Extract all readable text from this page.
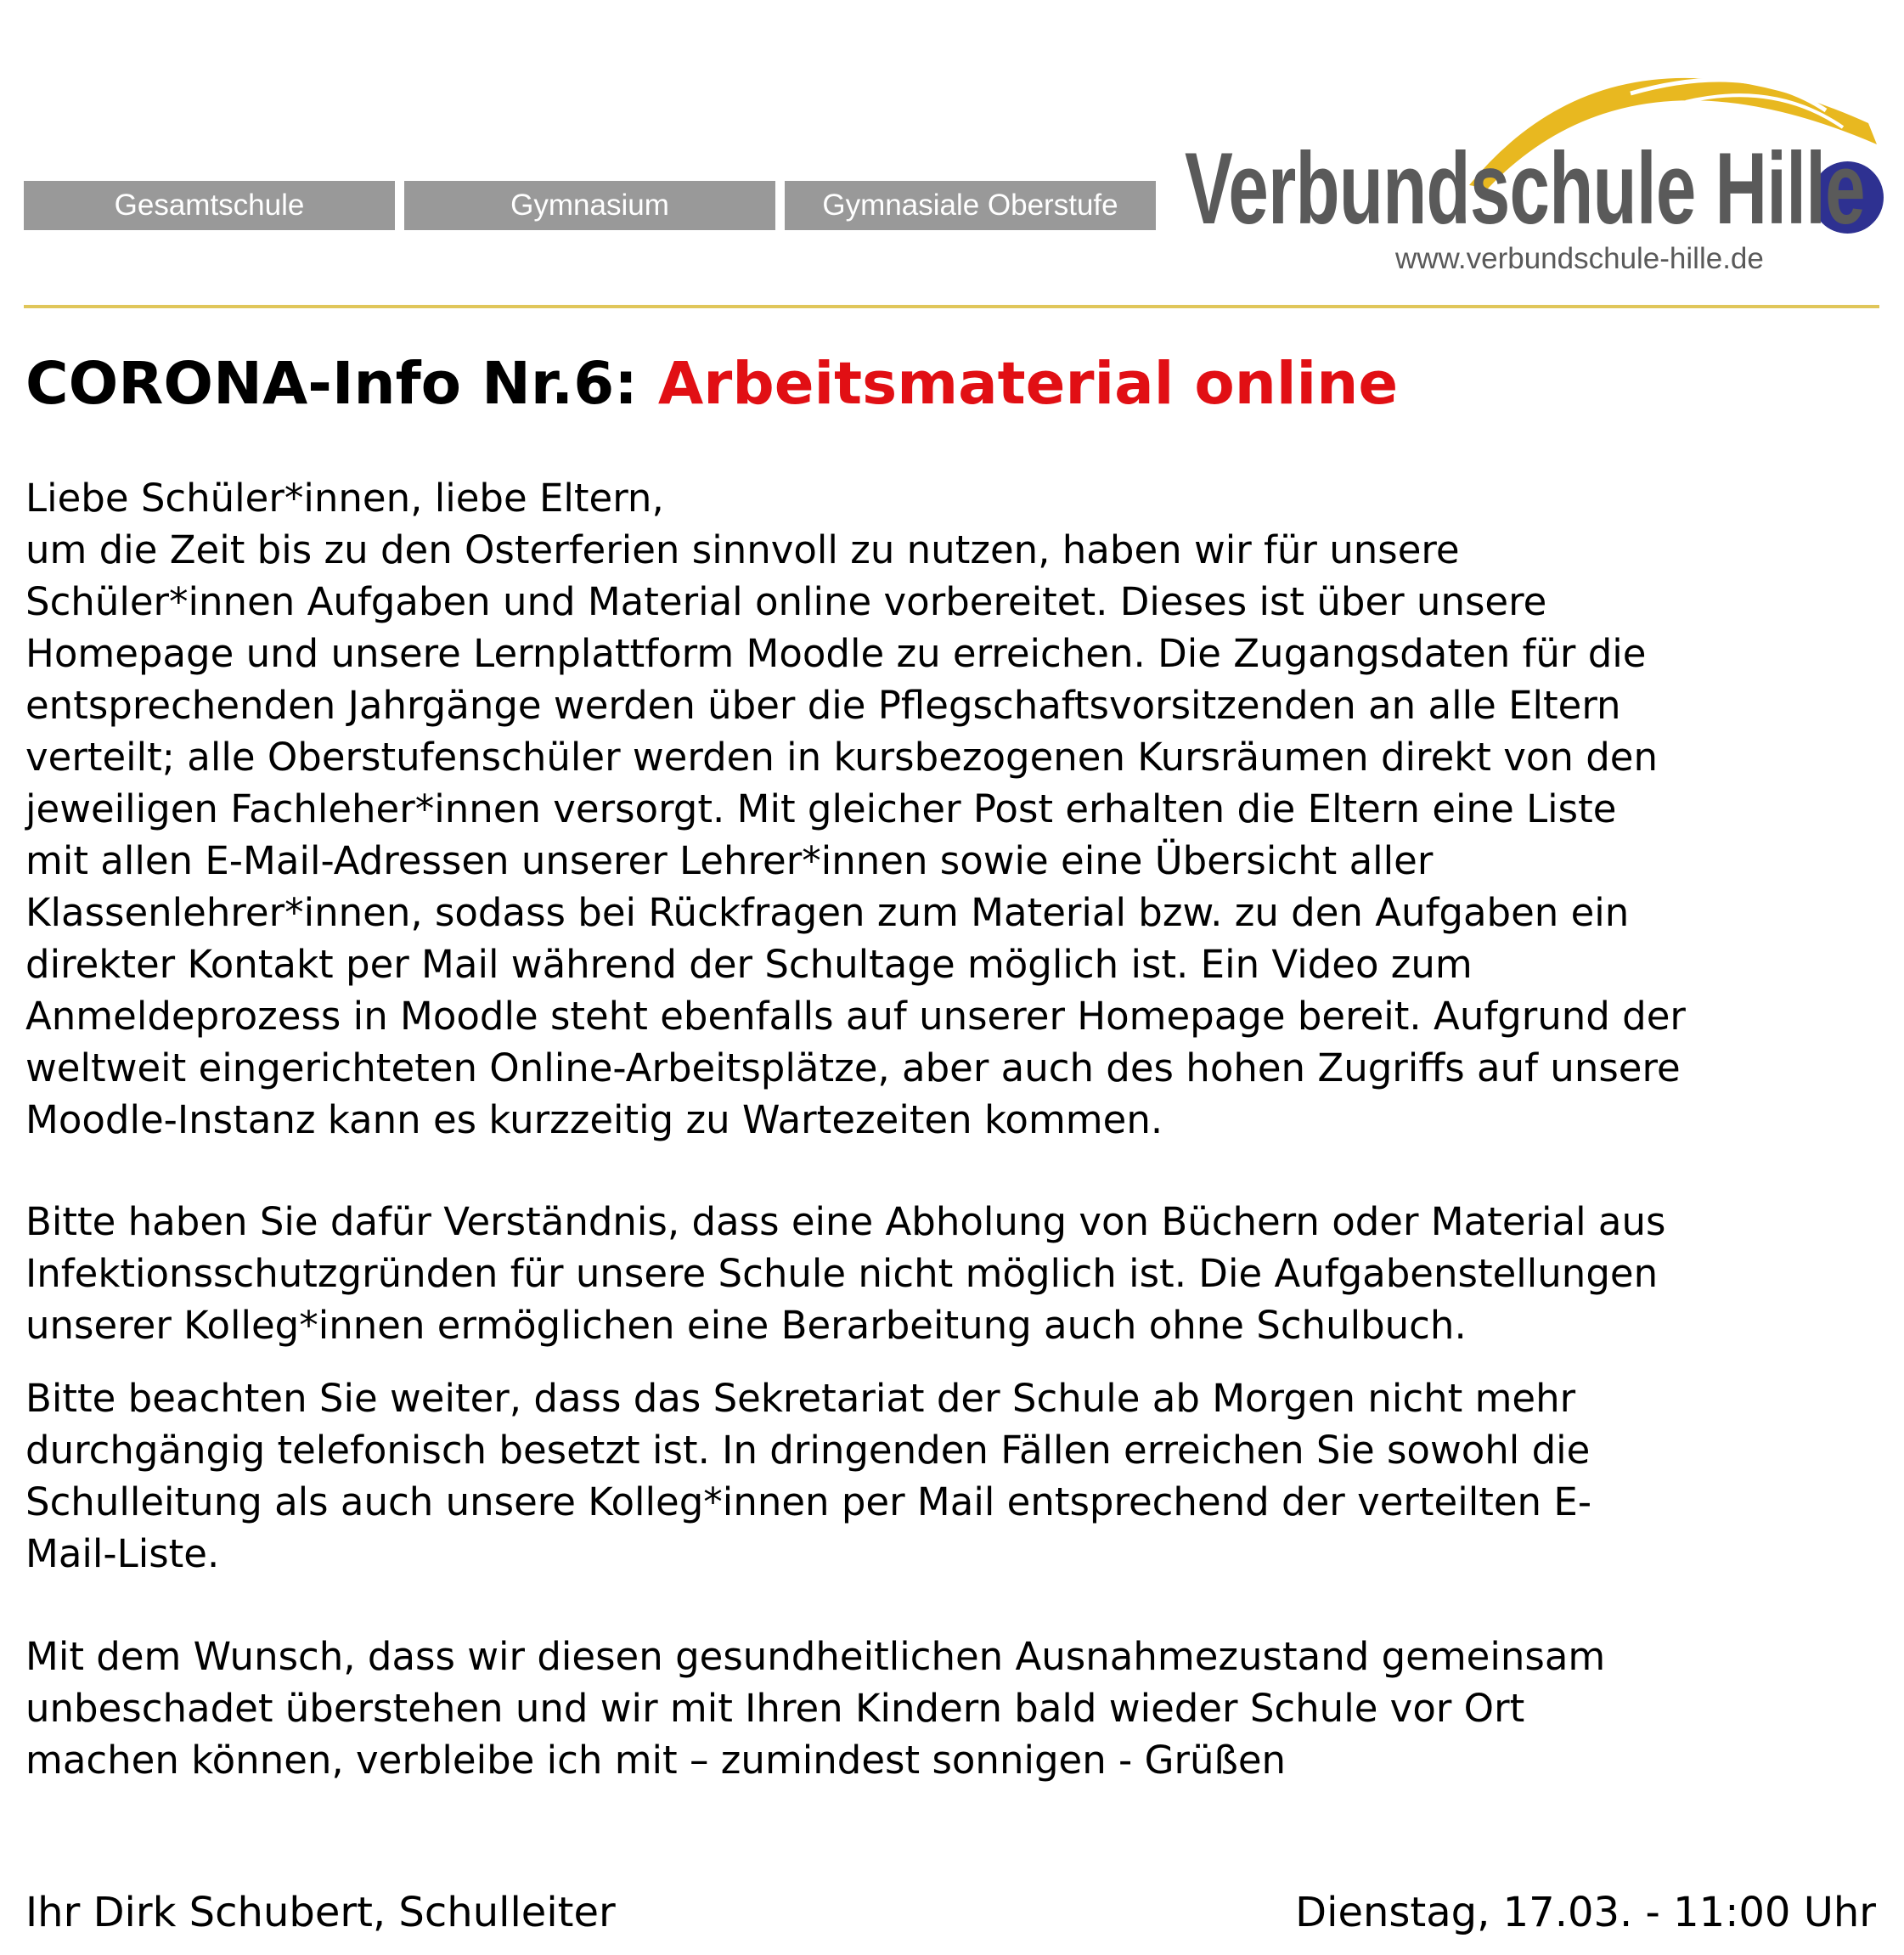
Gesamtschule	Gymnasium	Gymnasiale Oberstufe Verbundschule Hille
www.verbundschule-hille.de
CORONA-Info Nr.6: Arbeitsmaterial online
Liebe Schüler*innen, liebe Eltern,
um die Zeit bis zu den Osterferien sinnvoll zu nutzen, haben wir für unsere
Schüler*innen Aufgaben und Material online vorbereitet. Dieses ist über unsere
Homepage und unsere Lernplattform Moodle zu erreichen. Die Zugangsdaten für die
entsprechenden Jahrgänge werden über die Pflegschaftsvorsitzenden an alle Eltern
verteilt; alle Oberstufenschüler werden in kursbezogenen Kursräumen direkt von den
jeweiligen Fachleher*innen versorgt. Mit gleicher Post erhalten die Eltern eine Liste
mit allen E-Mail-Adressen unserer Lehrer*innen sowie eine Übersicht aller
Klassenlehrer*innen, sodass bei Rückfragen zum Material bzw. zu den Aufgaben ein
direkter Kontakt per Mail während der Schultage möglich ist. Ein Video zum
Anmeldeprozess in Moodle steht ebenfalls auf unserer Homepage bereit. Aufgrund der
weltweit eingerichteten Online-Arbeitsplätze, aber auch des hohen Zugriffs auf unsere
Moodle-Instanz kann es kurzzeitig zu Wartezeiten kommen.
Bitte haben Sie dafür Verständnis, dass eine Abholung von Büchern oder Material aus
Infektionsschutzgründen für unsere Schule nicht möglich ist. Die Aufgabenstellungen
unserer Kolleg*innen ermöglichen eine Berarbeitung auch ohne Schulbuch.
Bitte beachten Sie weiter, dass das Sekretariat der Schule ab Morgen nicht mehr
durchgängig telefonisch besetzt ist. In dringenden Fällen erreichen Sie sowohl die
Schulleitung als auch unsere Kolleg*innen per Mail entsprechend der verteilten E-
Mail-Liste.
Mit dem Wunsch, dass wir diesen gesundheitlichen Ausnahmezustand gemeinsam
unbeschadet überstehen und wir mit Ihren Kindern bald wieder Schule vor Ort
machen können, verbleibe ich mit – zumindest sonnigen - Grüßen
Ihr Dirk Schubert, Schulleiter	Dienstag, 17.03. - 11:00 Uhr
